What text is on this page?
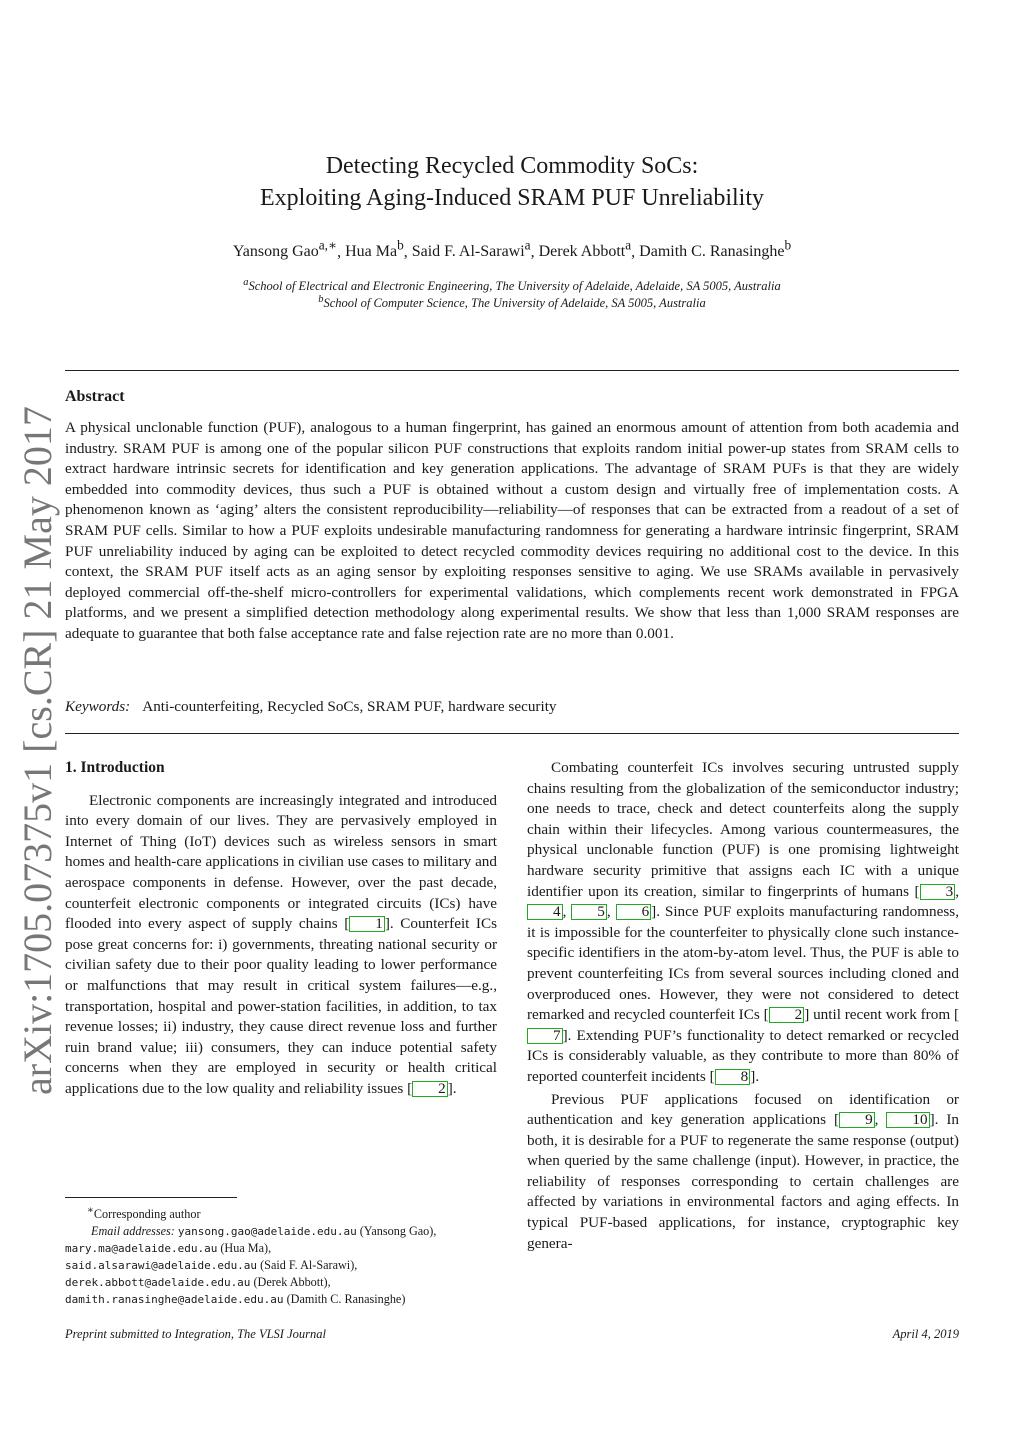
arXiv:1705.07375v1 [cs.CR] 21 May 2017
Detecting Recycled Commodity SoCs:
Exploiting Aging-Induced SRAM PUF Unreliability
Yansong Gao$^{a,∗}$, Hua Ma$^b$, Said F. Al-Sarawi$^a$, Derek Abbott$^a$, Damith C. Ranasinghe$^b$
$^a$School of Electrical and Electronic Engineering, The University of Adelaide, Adelaide, SA 5005, Australia
$^b$School of Computer Science, The University of Adelaide, SA 5005, Australia
Abstract
A physical unclonable function (PUF), analogous to a human fingerprint, has gained an enormous amount of attention from both academia and industry. SRAM PUF is among one of the popular silicon PUF constructions that exploits random initial power-up states from SRAM cells to extract hardware intrinsic secrets for identification and key generation applications. The advantage of SRAM PUFs is that they are widely embedded into commodity devices, thus such a PUF is obtained without a custom design and virtually free of implementation costs. A phenomenon known as ‘aging’ alters the consistent reproducibility—reliability—of responses that can be extracted from a readout of a set of SRAM PUF cells. Similar to how a PUF exploits undesirable manufacturing randomness for generating a hardware intrinsic fingerprint, SRAM PUF unreliability induced by aging can be exploited to detect recycled commodity devices requiring no additional cost to the device. In this context, the SRAM PUF itself acts as an aging sensor by exploiting responses sensitive to aging. We use SRAMs available in pervasively deployed commercial off-the-shelf micro-controllers for experimental validations, which complements recent work demonstrated in FPGA platforms, and we present a simplified detection methodology along experimental results. We show that less than 1,000 SRAM responses are adequate to guarantee that both false acceptance rate and false rejection rate are no more than 0.001.
Keywords: Anti-counterfeiting, Recycled SoCs, SRAM PUF, hardware security

1. Introduction

Electronic components are increasingly integrated and introduced into every domain of our lives. They are pervasively employed in Internet of Thing (IoT) devices such as wireless sensors in smart homes and health-care applications in civilian use cases to military and aerospace components in defense. However, over the past decade, counterfeit electronic components or integrated circuits (ICs) have flooded into every aspect of supply chains [ 1 ]. Counterfeit ICs pose great concerns for: i) governments, threating national security or civilian safety due to their poor quality leading to lower performance or malfunctions that may result in critical system failures—e.g., transportation, hospital and power-station facilities, in addition, to tax revenue losses; ii) industry, they cause direct revenue loss and further ruin brand value; iii) consumers, they can induce potential safety concerns when they are employed in security or health critical applications due to the low quality and reliability issues [ 2 ].

Combating counterfeit ICs involves securing untrusted supply chains resulting from the globalization of the semiconductor industry; one needs to trace, check and detect counterfeits along the supply chain within their lifecycles. Among various countermeasures, the physical unclonable function (PUF) is one promising lightweight hardware security primitive that assigns each IC with a unique identifier upon its creation, similar to fingerprints of humans [ 3 , 4 , 5 , 6 ]. Since PUF exploits manufacturing randomness, it is impossible for the counterfeiter to physically clone such instance-specific identifiers in the atom-by-atom level. Thus, the PUF is able to prevent counterfeiting ICs from several sources including cloned and overproduced ones. However, they were not considered to detect remarked and recycled counterfeit ICs [ 2 ] until recent work from [7 ]. Extending PUF’s functionality to detect remarked or recycled ICs is considerably valuable, as they contribute to more than 80% of reported counterfeit incidents [ 8 ].

Previous PUF applications focused on identification or authentication and key generation applications [ 9 , 10 ]. In both, it is desirable for a PUF to regenerate the same response (output) when queried by the same challenge (input). However, in practice, the reliability of responses corresponding to certain challenges are affected by variations in environmental factors and aging effects. In typical PUF-based applications, for instance, cryptographic key genera-

∗Corresponding author
Email addresses: yansong.gao@adelaide.edu.au (Yansong Gao),

mary.ma@adelaide.edu.au (Hua Ma),
said.alsarawi@adelaide.edu.au (Said F. Al-Sarawi),
derek.abbott@adelaide.edu.au (Derek Abbott),
damith.ranasinghe@adelaide.edu.au (Damith C. Ranasinghe)
Preprint submitted to Integration, The VLSI Journal	April 4, 2019
